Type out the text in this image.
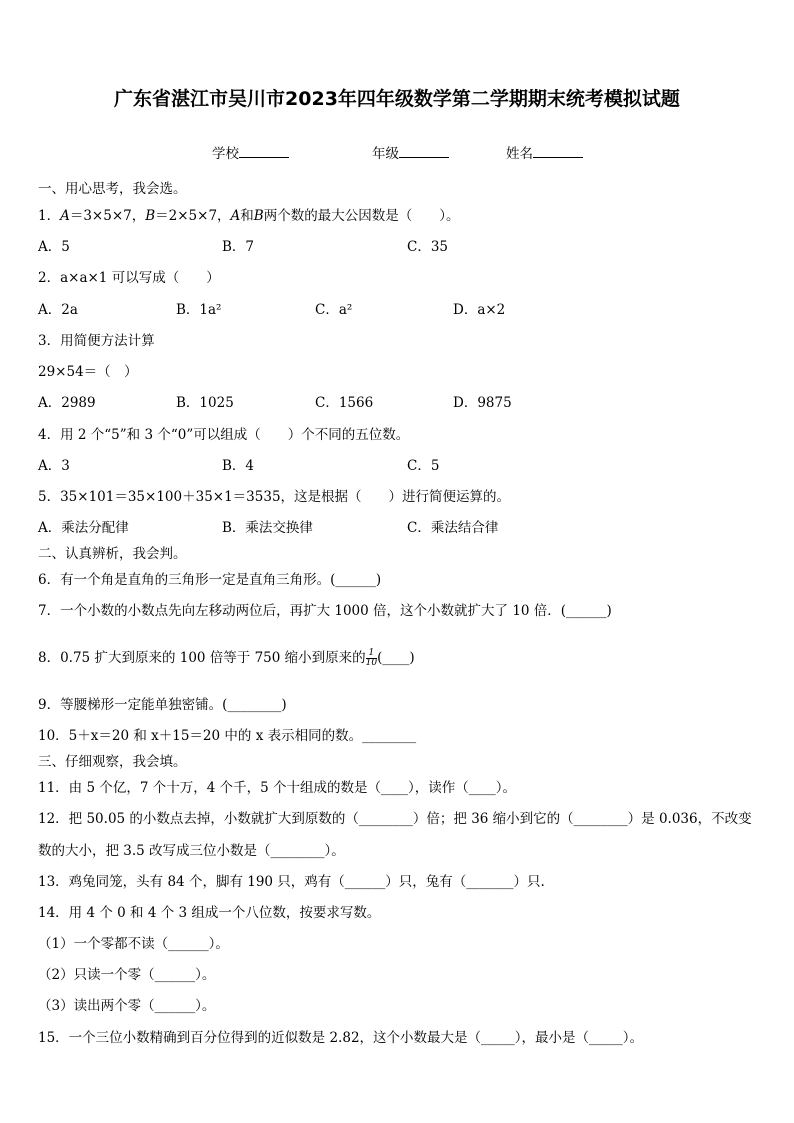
广东省湛江市吴川市2023年四年级数学第二学期期末统考模拟试题
学校	年级	姓名
一、用心思考，我会选。
1．A＝3×5×7，B＝2×5×7，A和B两个数的最大公因数是（　　）。
A．5	B．7	C．35
2．a×a×1 可以写成（　　）
A．2a	B．1a²	C．a²	D．a×2
3．用简便方法计算
29×54＝（　）
A．2989	B．1025	C．1566	D．9875
4．用 2 个“5”和 3 个“0”可以组成（　　）个不同的五位数。
A．3	B．4	C．5
5．35×101＝35×100＋35×1＝3535，这是根据（　　）进行简便运算的。
A．乘法分配律	B．乘法交换律	C．乘法结合律
二、认真辨析，我会判。
6．有一个角是直角的三角形一定是直角三角形。(______)
7．一个小数的小数点先向左移动两位后，再扩大 1000 倍，这个小数就扩大了 10 倍．(______)
8．0.75 扩大到原来的 100 倍等于 750 缩小到原来的 $\frac{1}{10}$ (____)
9．等腰梯形一定能单独密铺。(________)
10．5＋x＝20 和 x＋15＝20 中的 x 表示相同的数。________
三、仔细观察，我会填。
11．由 5 个亿，7 个十万，4 个千，5 个十组成的数是（____），读作（____）。
12．把 50.05 的小数点去掉，小数就扩大到原数的（________）倍；把 36 缩小到它的（________）是 0.036，不改变
数的大小，把 3.5 改写成三位小数是（________）。
13．鸡兔同笼，头有 84 个，脚有 190 只，鸡有（______）只，兔有（_______）只.
14．用 4 个 0 和 4 个 3 组成一个八位数，按要求写数。
（1）一个零都不读（______）。
（2）只读一个零（______）。
（3）读出两个零（______）。
15．一个三位小数精确到百分位得到的近似数是 2.82，这个小数最大是（_____），最小是（_____）。
